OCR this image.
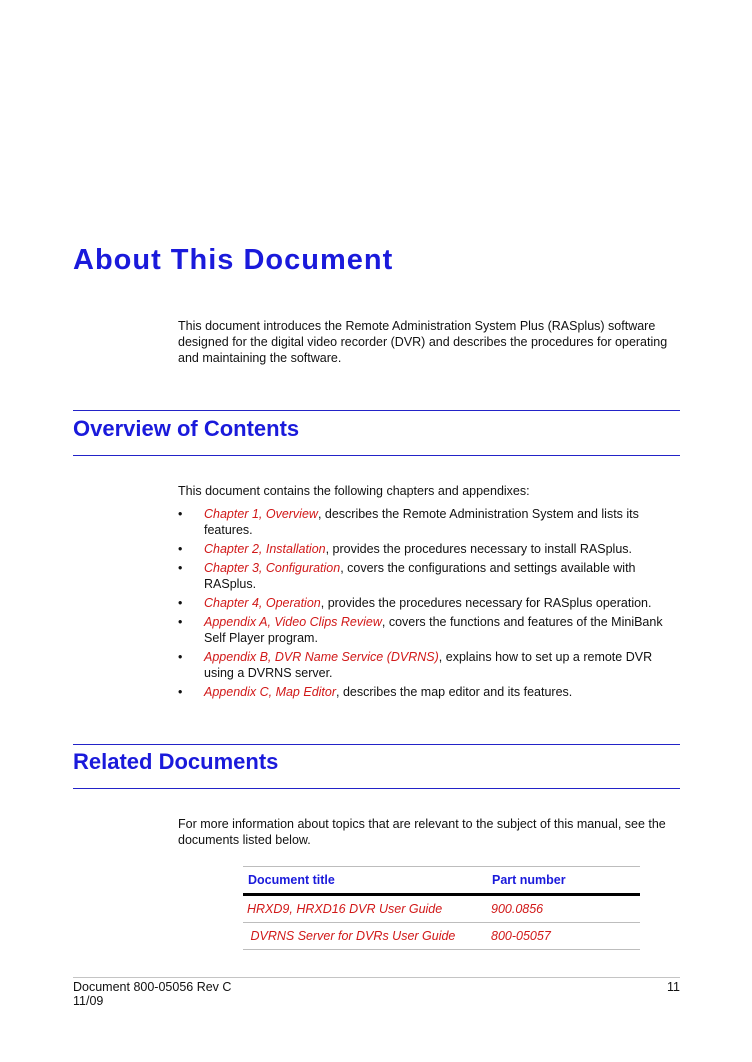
About This Document

This document introduces the Remote Administration System Plus (RASplus) software designed for the digital video recorder (DVR) and describes the procedures for operating and maintaining the software.

Overview of Contents

This document contains the following chapters and appendixes:

• Chapter 1, Overview, describes the Remote Administration System and lists its features.
• Chapter 2, Installation, provides the procedures necessary to install RASplus.
• Chapter 3, Configuration, covers the configurations and settings available with RASplus.
• Chapter 4, Operation, provides the procedures necessary for RASplus operation.
• Appendix A, Video Clips Review, covers the functions and features of the MiniBank Self Player program.
• Appendix B, DVR Name Service (DVRNS), explains how to set up a remote DVR using a DVRNS server.
• Appendix C, Map Editor, describes the map editor and its features.
Related Documents

For more information about topics that are relevant to the subject of this manual, see the documents listed below.

Document title	Part number
HRXD9, HRXD16 DVR User Guide	900.0856
DVRNS Server for DVRs User Guide	800-05057
Document 800-05056 Rev C
11/09
11
